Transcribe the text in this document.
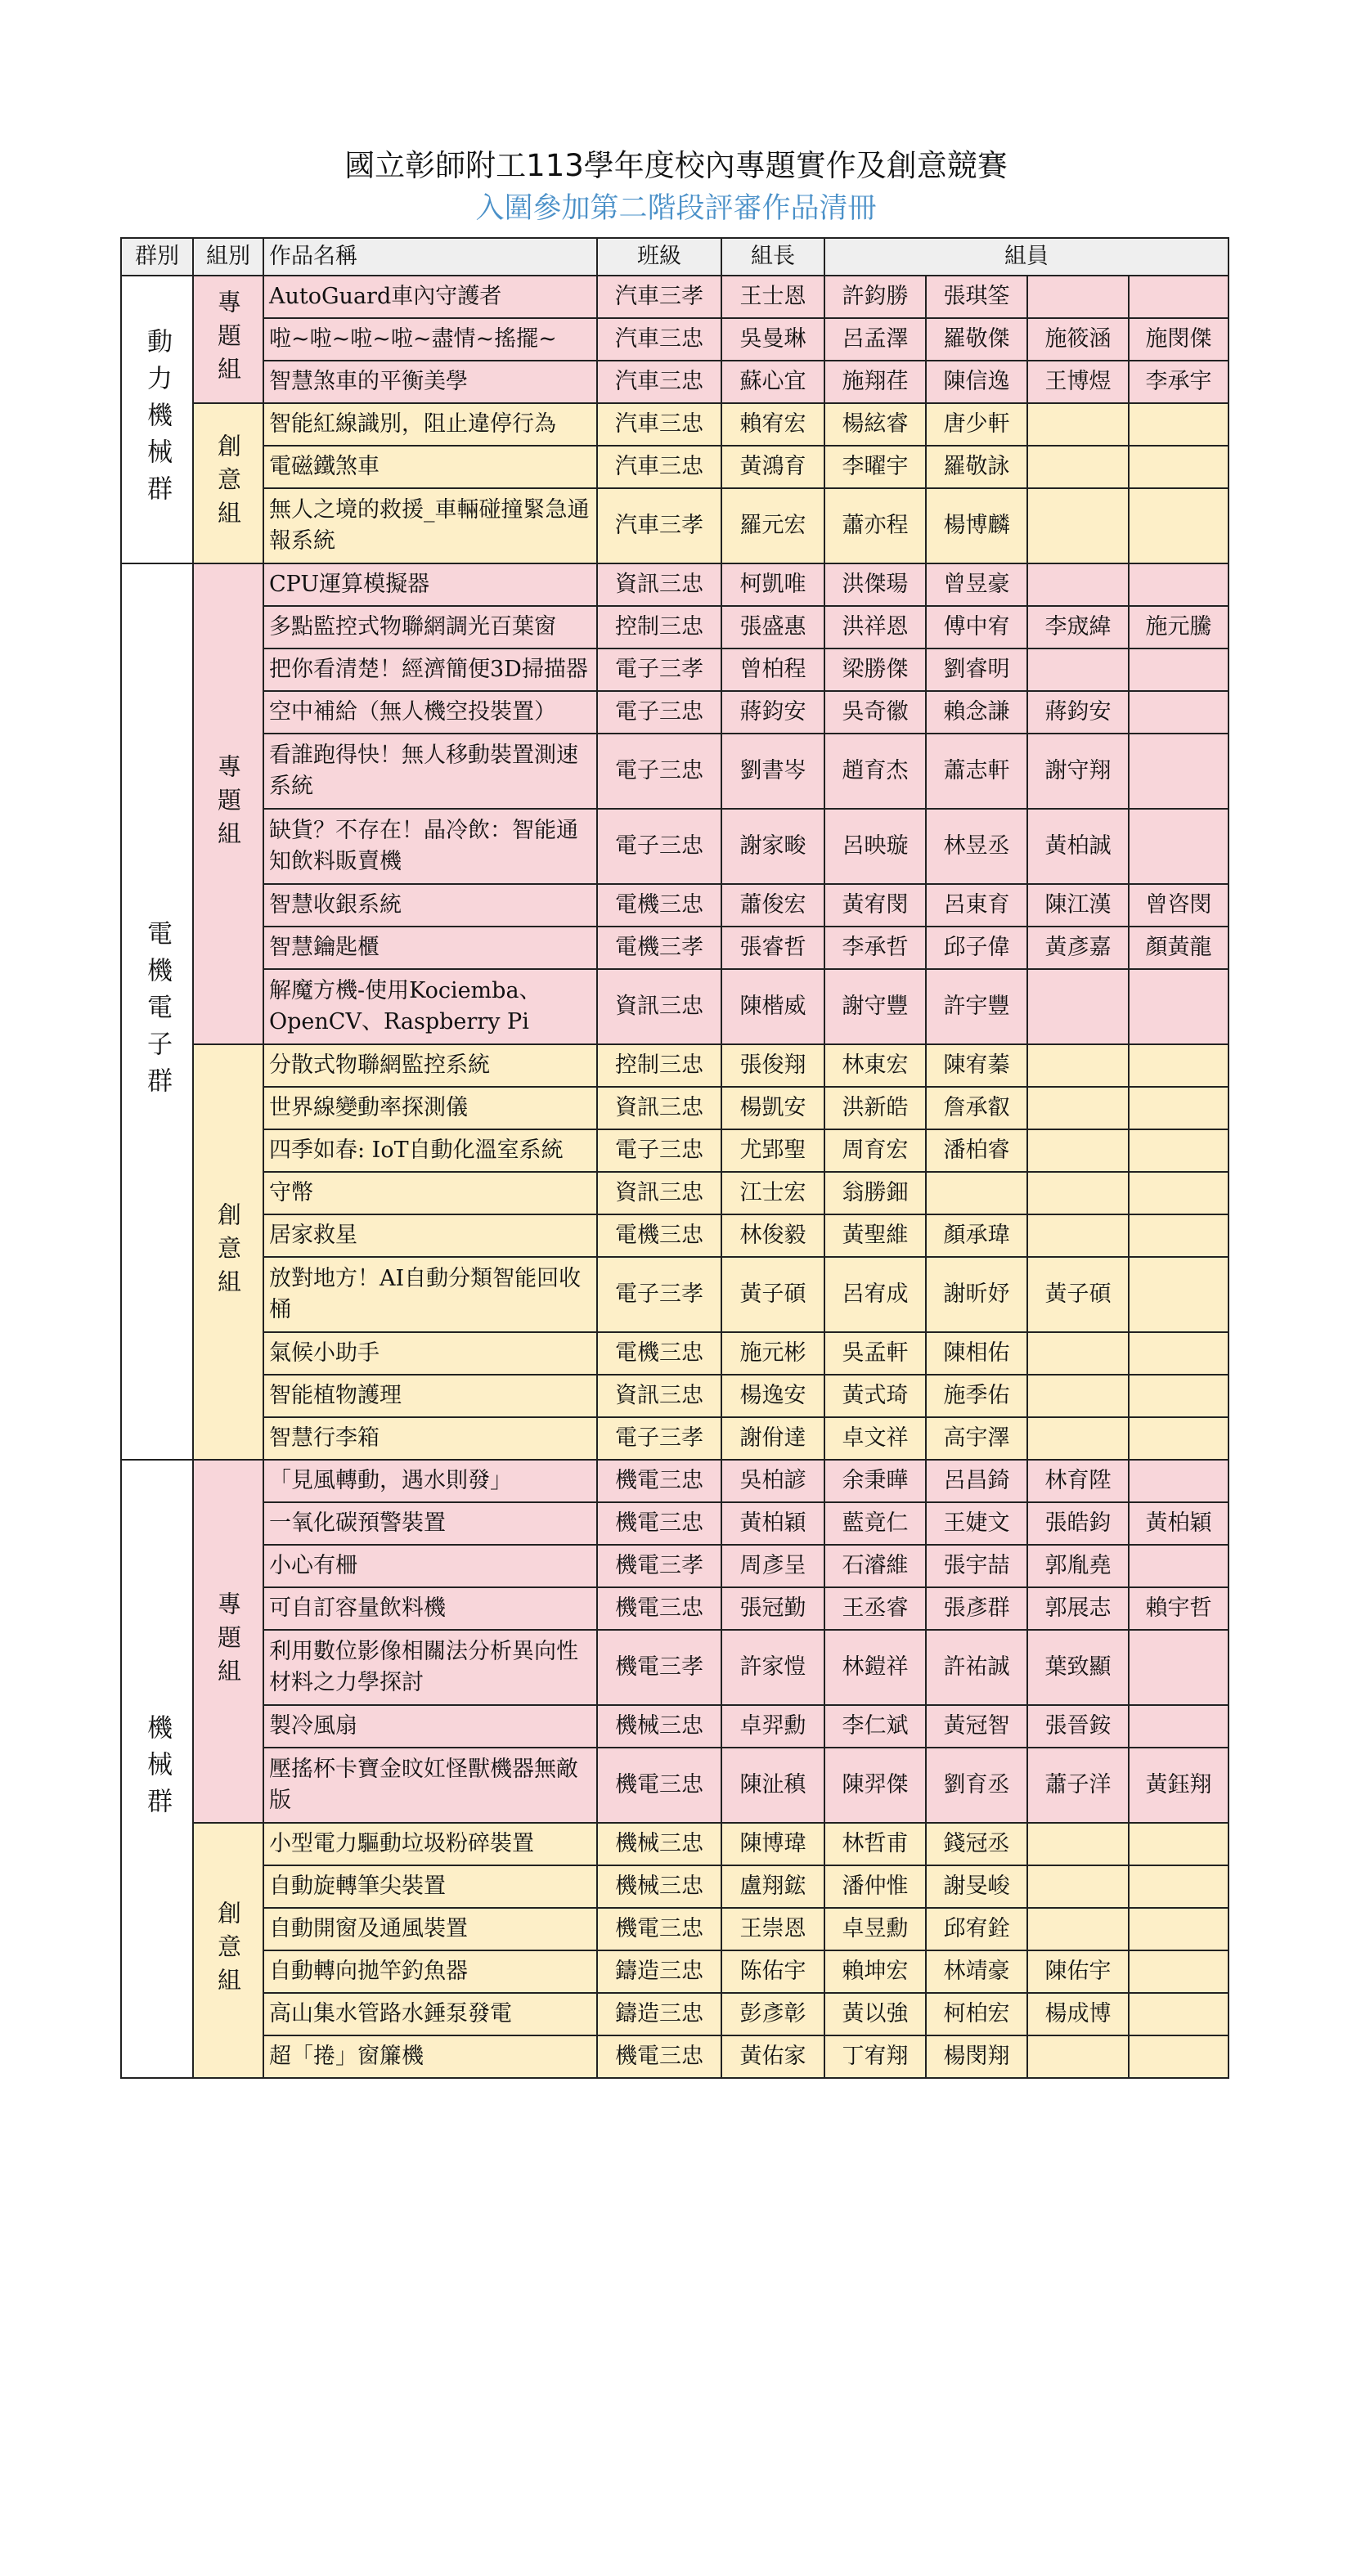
國立彰師附工113學年度校內專題實作及創意競賽
入圍參加第二階段評審作品清冊
群別	組別	作品名稱	班級	組長	組員			
動力機械群	專題組	AutoGuard車內守護者	汽車三孝	王士恩	許鈞勝	張琪筌		
		啦~啦~啦~啦~盡情~搖擺~	汽車三忠	吳曼琳	呂孟澤	羅敬傑	施筱涵	施閔傑
		智慧煞車的平衡美學	汽車三忠	蘇心宜	施翔荏	陳信逸	王博煜	李承宇
	創意組	智能紅線識別，阻止違停行為	汽車三忠	賴宥宏	楊絃睿	唐少軒		
		電磁鐵煞車	汽車三忠	黃鴻育	李曜宇	羅敬詠		
		無人之境的救援_車輛碰撞緊急通報系統	汽車三孝	羅元宏	蕭亦程	楊博麟		
電機電子群	專題組	CPU運算模擬器	資訊三忠	柯凱唯	洪傑瑒	曾昱豪		
		多點監控式物聯網調光百葉窗	控制三忠	張盛惠	洪祥恩	傅中宥	李宬緯	施元騰
		把你看清楚！經濟簡便3D掃描器	電子三孝	曾柏程	梁勝傑	劉睿明		
		空中補給（無人機空投裝置）	電子三忠	蔣鈞安	吳奇徽	賴念謙	蔣鈞安	
		看誰跑得快！無人移動裝置測速系統	電子三忠	劉書岑	趙育杰	蕭志軒	謝守翔	
		缺貨？不存在！晶冷飲：智能通知飲料販賣機	電子三忠	謝家畯	呂映璇	林昱丞	黃柏誠	
		智慧收銀系統	電機三忠	蕭俊宏	黃宥閔	呂東育	陳江漢	曾咨閔
		智慧鑰匙櫃	電機三孝	張睿哲	李承哲	邱子偉	黃彥嘉	顏黃龍
		解魔方機-使用Kociemba、OpenCV、Raspberry Pi	資訊三忠	陳楷威	謝守豐	許宇豐		
	創意組	分散式物聯網監控系統	控制三忠	張俊翔	林東宏	陳宥蓁		
		世界線變動率探測儀	資訊三忠	楊凱安	洪新皓	詹承叡		
		四季如春: IoT自動化溫室系統	電子三忠	尤郢聖	周育宏	潘柏睿		
		守幣	資訊三忠	江士宏	翁勝鈿			
		居家救星	電機三忠	林俊毅	黃聖維	顏承瑋		
		放對地方！AI自動分類智能回收桶	電子三孝	黃子碩	呂宥成	謝昕妤	黃子碩	
		氣候小助手	電機三忠	施元彬	吳孟軒	陳相佑		
		智能植物護理	資訊三忠	楊逸安	黃式琦	施季佑		
		智慧行李箱	電子三孝	謝佾達	卓文祥	高宇澤		
機械群	專題組	「見風轉動，遇水則發」	機電三忠	吳柏諺	余秉曄	呂昌錡	林育陞	
		一氧化碳預警裝置	機電三忠	黃柏穎	藍竟仁	王婕文	張皓鈞	黃柏穎
		小心有柵	機電三孝	周彥呈	石濬維	張宇喆	郭胤堯	
		可自訂容量飲料機	機電三忠	張冠勤	王丞睿	張彥群	郭展志	賴宇哲
		利用數位影像相關法分析異向性材料之力學探討	機電三孝	許家愷	林鎧祥	許祐誠	葉致顯	
		製冷風扇	機械三忠	卓羿勳	李仁斌	黃冠智	張晉銨	
		壓搖杯卡寶金旼妅怪獸機器無敵版	機電三忠	陳沚稹	陳羿傑	劉育丞	蕭子洋	黃鈺翔
	創意組	小型電力驅動垃圾粉碎裝置	機械三忠	陳博瑋	林哲甫	錢冠丞		
		自動旋轉筆尖裝置	機械三忠	盧翔鋐	潘仲惟	謝旻峻		
		自動開窗及通風裝置	機電三忠	王崇恩	卓昱勳	邱宥銓		
		自動轉向拋竿釣魚器	鑄造三忠	陈佑宇	賴坤宏	林靖豪	陳佑宇	
		高山集水管路水錘泵發電	鑄造三忠	彭彥彰	黃以強	柯柏宏	楊成博	
		超「捲」窗簾機	機電三忠	黃佑家	丁宥翔	楊閔翔		
